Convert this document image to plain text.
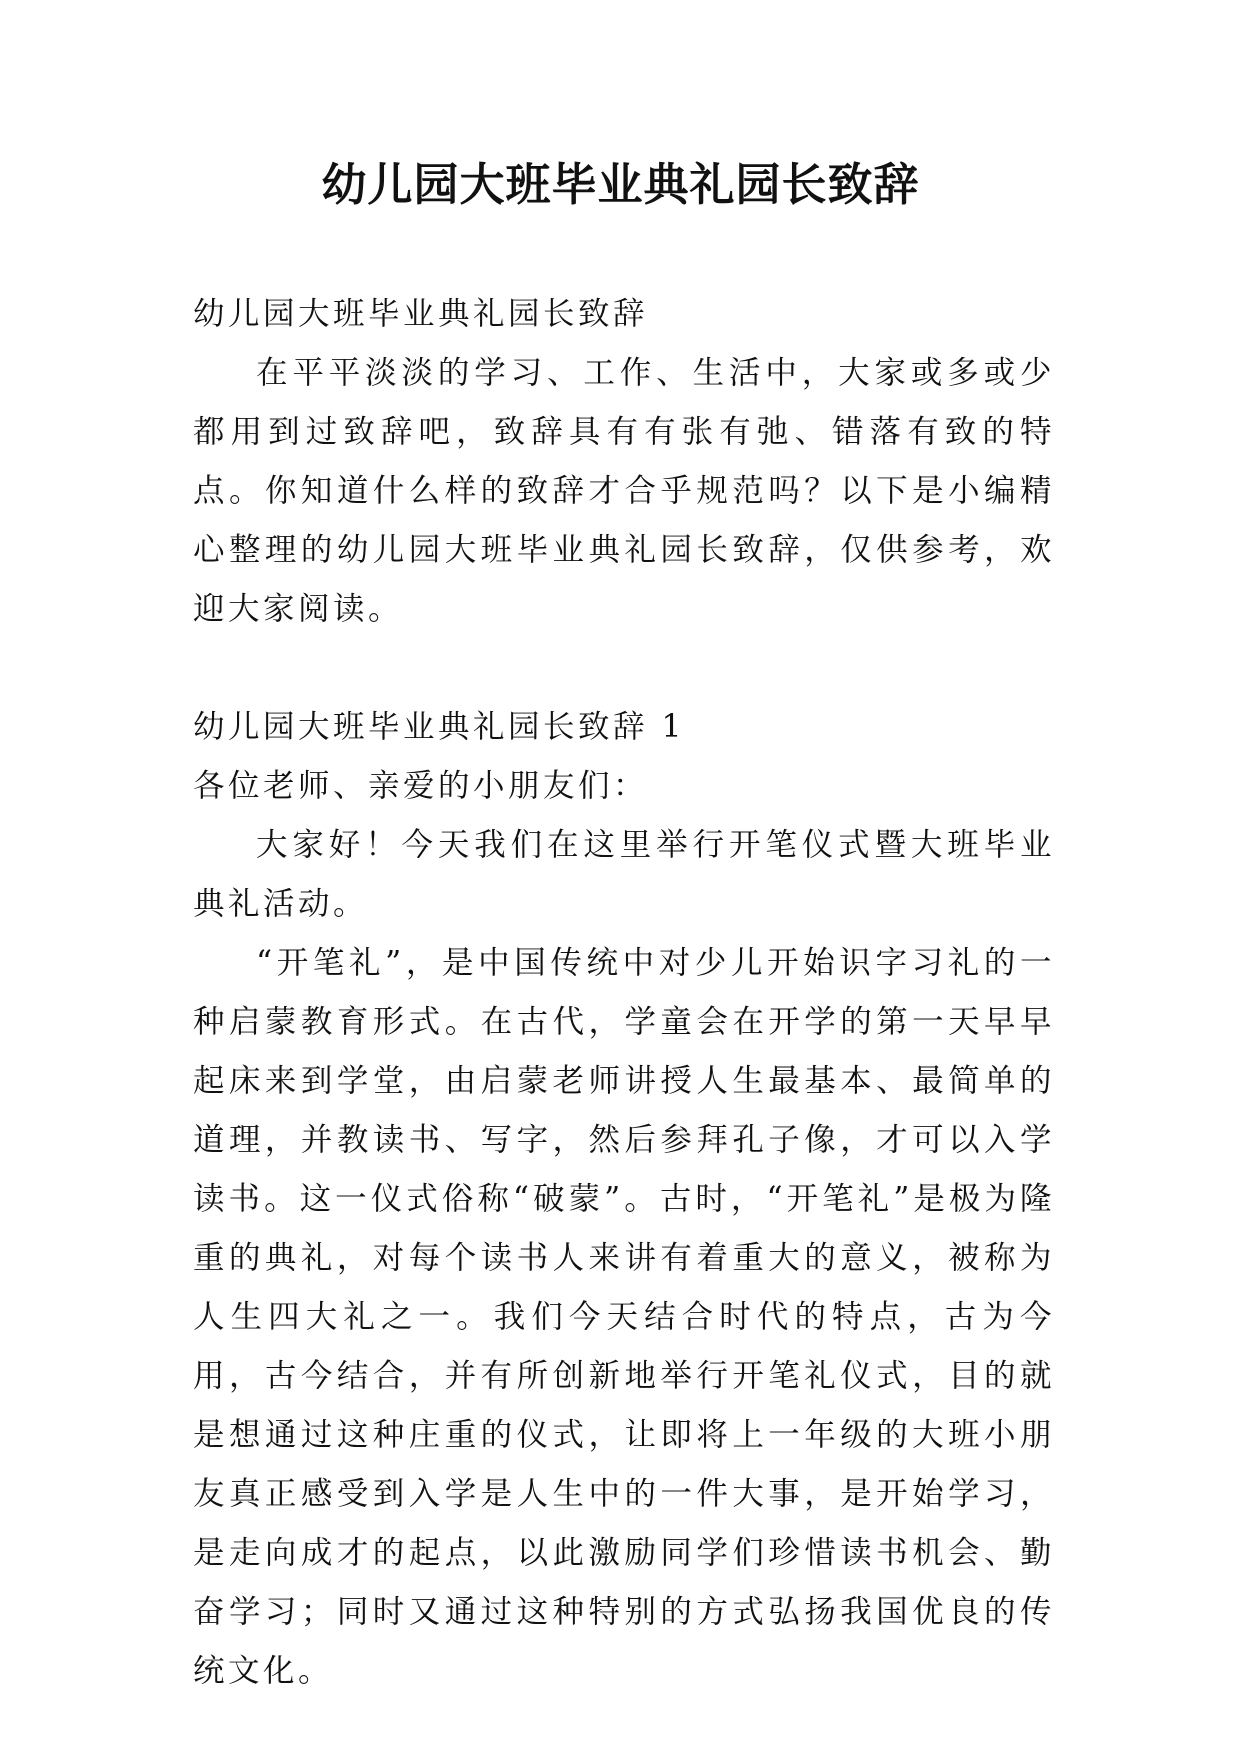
幼儿园大班毕业典礼园长致辞

幼儿园大班毕业典礼园长致辞

在平平淡淡的学习、工作、生活中，大家或多或少都用到过致辞吧，致辞具有有张有弛、错落有致的特点。你知道什么样的致辞才合乎规范吗？以下是小编精心整理的幼儿园大班毕业典礼园长致辞，仅供参考，欢迎大家阅读。

幼儿园大班毕业典礼园长致辞 1

各位老师、亲爱的小朋友们：

大家好！今天我们在这里举行开笔仪式暨大班毕业典礼活动。

“开笔礼”，是中国传统中对少儿开始识字习礼的一种启蒙教育形式。在古代，学童会在开学的第一天早早起床来到学堂，由启蒙老师讲授人生最基本、最简单的道理，并教读书、写字，然后参拜孔子像，才可以入学读书。这一仪式俗称“破蒙”。古时，“开笔礼”是极为隆重的典礼，对每个读书人来讲有着重大的意义，被称为人生四大礼之一。我们今天结合时代的特点，古为今用，古今结合，并有所创新地举行开笔礼仪式，目的就是想通过这种庄重的仪式，让即将上一年级的大班小朋友真正感受到入学是人生中的一件大事，是开始学习，是走向成才的起点，以此激励同学们珍惜读书机会、勤奋学习；同时又通过这种特别的方式弘扬我国优良的传统文化。
